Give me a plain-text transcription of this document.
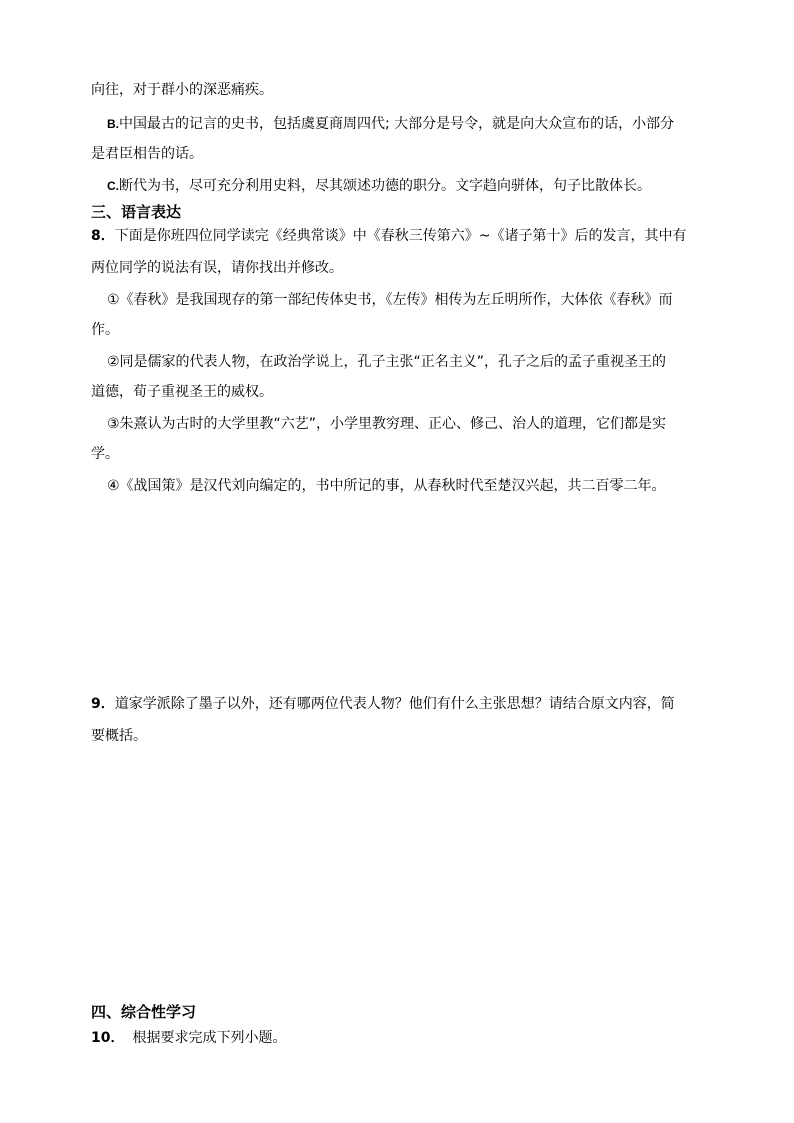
向往，对于群小的深恶痛疾。
B.中国最古的记言的史书，包括虞夏商周四代; 大部分是号令，就是向大众宣布的话，小部分
是君臣相告的话。
C.断代为书，尽可充分利用史料，尽其颂述功德的职分。文字趋向骈体，句子比散体长。
三、语言表达
8．下面是你班四位同学读完《经典常谈》中《春秋三传第六》~《诸子第十》后的发言，其中有
两位同学的说法有误，请你找出并修改。
①《春秋》是我国现存的第一部纪传体史书，《左传》相传为左丘明所作，大体依《春秋》而
作。
②同是儒家的代表人物，在政治学说上，孔子主张“正名主义”，孔子之后的孟子重视圣王的
道德，荀子重视圣王的威权。
③朱熹认为古时的大学里教“六艺”，小学里教穷理、正心、修己、治人的道理，它们都是实
学。
④《战国策》是汉代刘向编定的，书中所记的事，从春秋时代至楚汉兴起，共二百零二年。
9．道家学派除了墨子以外，还有哪两位代表人物？他们有什么主张思想？请结合原文内容，简
要概括。
四、综合性学习
10． 根据要求完成下列小题。
